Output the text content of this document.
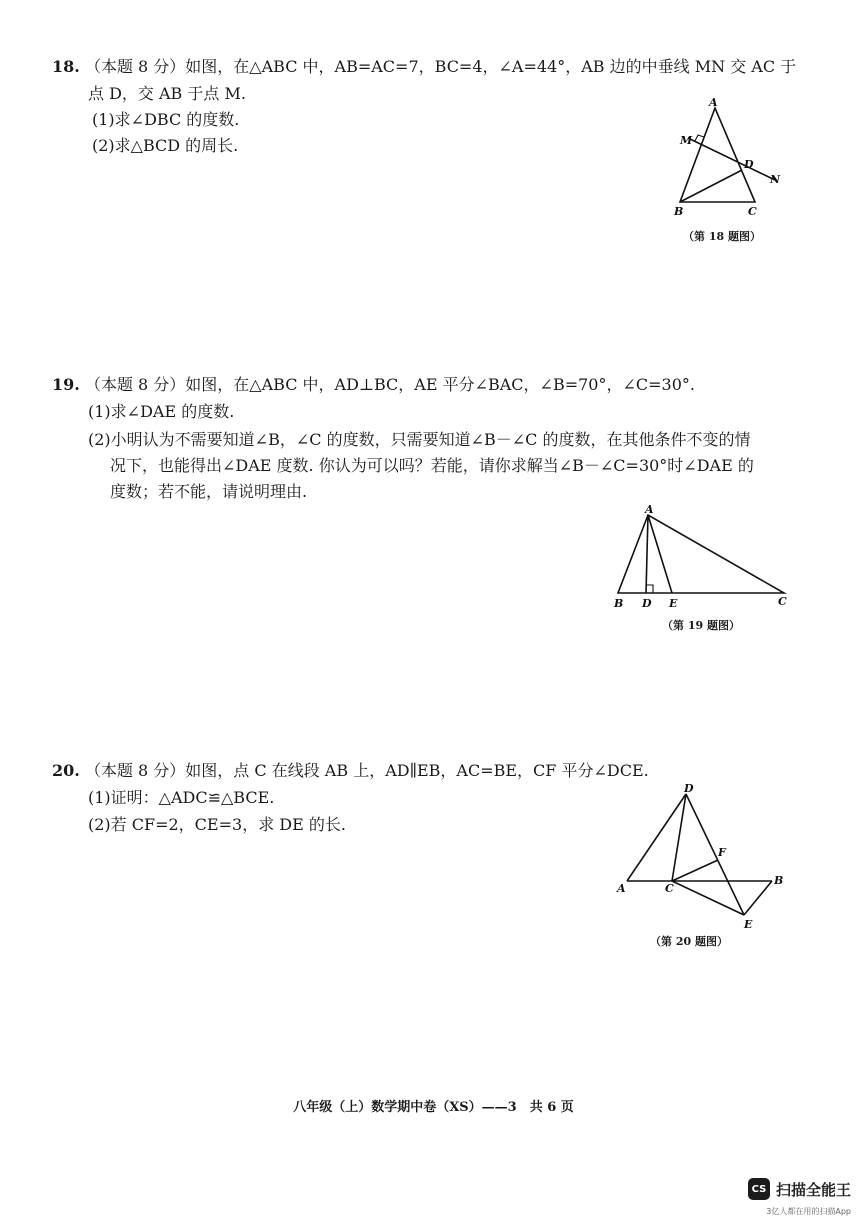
18. （本题 8 分）如图，在△ABC 中，AB=AC=7，BC=4，∠A=44°，AB 边的中垂线 MN 交 AC 于
点 D，交 AB 于点 M.
(1)求∠DBC 的度数.
(2)求△BCD 的周长.
A
B	C
D
M
N
（第 18 题图）
19. （本题 8 分）如图，在△ABC 中，AD⊥BC，AE 平分∠BAC，∠B=70°，∠C=30°.
(1)求∠DAE 的度数.
(2)小明认为不需要知道∠B，∠C 的度数，只需要知道∠B－∠C 的度数，在其他条件不变的情
况下，也能得出∠DAE 度数. 你认为可以吗？若能，请你求解当∠B－∠C=30°时∠DAE 的
度数；若不能，请说明理由.
A
B D E	C
（第 19 题图）
20. （本题 8 分）如图，点 C 在线段 AB 上，AD∥EB，AC=BE，CF 平分∠DCE.
(1)证明：△ADC≌△BCE.
(2)若 CF=2，CE=3，求 DE 的长.
D
A	C
B
F
E
（第 20 题图）
八年级（上）数学期中卷（XS）——3　共 6 页
CS 扫描全能王
3亿人都在用的扫描App
